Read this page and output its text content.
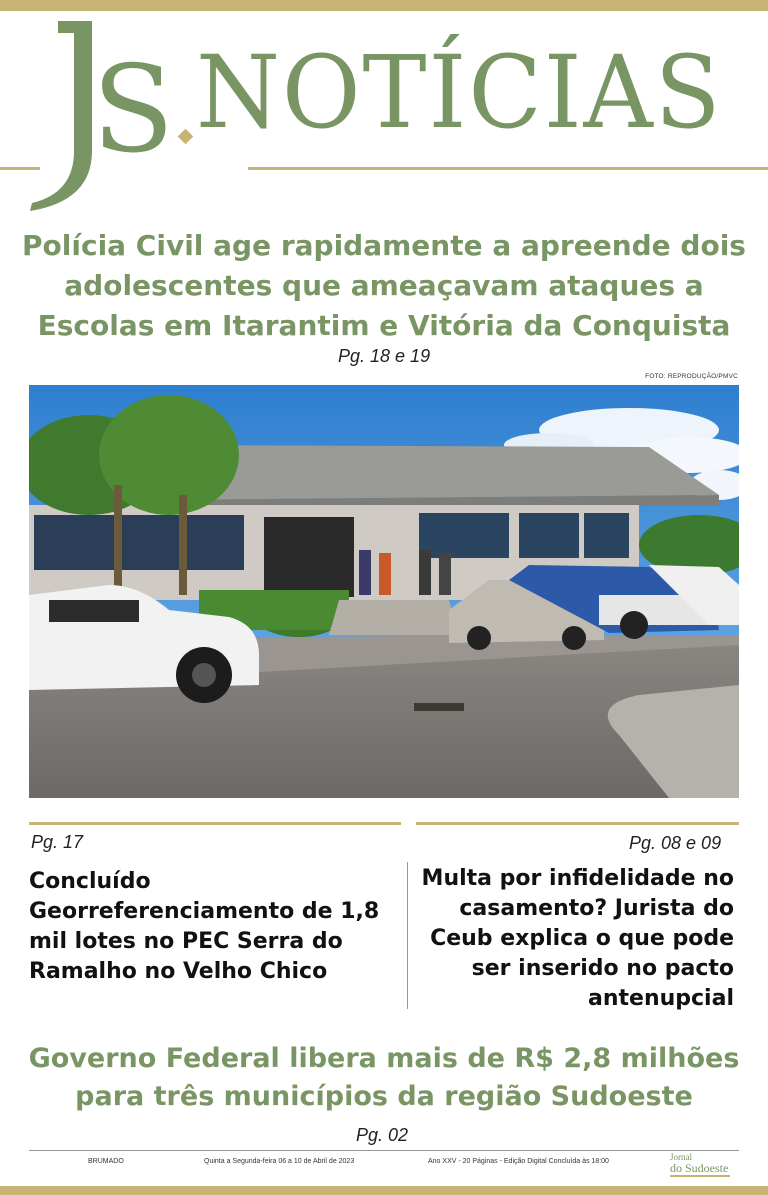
S NOTÍCIAS
Polícia Civil age rapidamente a apreende dois adolescentes que ameaçavam ataques a Escolas em Itarantim e Vitória da Conquista
Pg. 18 e 19
FOTO: REPRODUÇÃO/PMVC
Pg. 17	Pg. 08 e 09
Concluído Georreferenciamento de 1,8 mil lotes no PEC Serra do Ramalho no Velho Chico
Multa por infidelidade no casamento? Jurista do Ceub explica o que pode ser inserido no pacto antenupcial
Governo Federal libera mais de R$ 2,8 milhões para três municípios da região Sudoeste
Pg. 02
BRUMADO	Quinta a Segunda-feira 06 a 10 de Abril de 2023	Ano XXV - 20 Páginas - Edição Digital Concluída às 18:00	Jornal
do Sudoeste
